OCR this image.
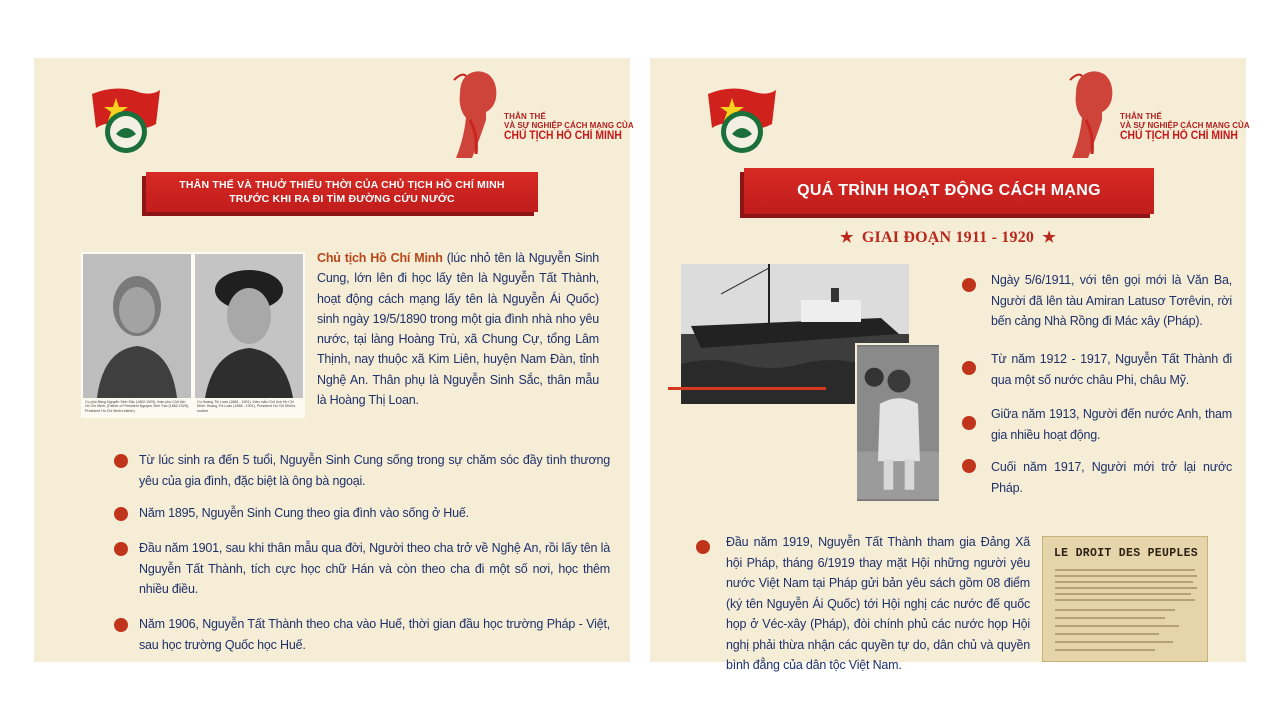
THÂN THẾ
VÀ SỰ NGHIỆP CÁCH MẠNG CỦA
CHỦ TỊCH HỒ CHÍ MINH
THÂN THẾ VÀ THUỞ THIẾU THỜI CỦA CHỦ TỊCH HỒ CHÍ MINH
TRƯỚC KHI RA ĐI TÌM ĐƯỜNG CỨU NƯỚC
Cụ phó Bảng Nguyễn Sinh Sắc (1862-1929), thân phụ Chủ tịch Hồ Chí Minh. (Father of President Nguyen Sinh Sac (1862-1929), President Ho Chi Minh's father)
Cụ Hoàng Thị Loan (1868 - 1901), thân mẫu Chủ tịch Hồ Chí Minh. Hoang Thi Loan (1868 - 1901), President Ho Chi Minh's mother
Chủ tịch Hồ Chí Minh (lúc nhỏ tên là Nguyễn Sinh Cung, lớn lên đi học lấy tên là Nguyễn Tất Thành, hoạt động cách mạng lấy tên là Nguyễn Ái Quốc) sinh ngày 19/5/1890 trong một gia đình nhà nho yêu nước, tại làng Hoàng Trù, xã Chung Cự, tổng Lâm Thịnh, nay thuộc xã Kim Liên, huyện Nam Đàn, tỉnh Nghệ An. Thân phụ là Nguyễn Sinh Sắc, thân mẫu là Hoàng Thị Loan.
Từ lúc sinh ra đến 5 tuổi, Nguyễn Sinh Cung sống trong sự chăm sóc đầy tình thương yêu của gia đình, đặc biệt là ông bà ngoại.
Năm 1895, Nguyễn Sinh Cung theo gia đình vào sống ở Huế.
Đầu năm 1901, sau khi thân mẫu qua đời, Người theo cha trở về Nghệ An, rồi lấy tên là Nguyễn Tất Thành, tích cực học chữ Hán và còn theo cha đi một số nơi, học thêm nhiều điều.
Năm 1906, Nguyễn Tất Thành theo cha vào Huế, thời gian đầu học trường Pháp - Việt, sau học trường Quốc học Huế.
THÂN THẾ
VÀ SỰ NGHIỆP CÁCH MẠNG CỦA
CHỦ TỊCH HỒ CHÍ MINH
QUÁ TRÌNH HOẠT ĐỘNG CÁCH MẠNG
★ GIAI ĐOẠN 1911 - 1920 ★
Ngày 5/6/1911, với tên gọi mới là Văn Ba, Người đã lên tàu Amiran Latusơ Tơrêvin, rời bến cảng Nhà Rồng đi Mác xây (Pháp).
Từ năm 1912 - 1917, Nguyễn Tất Thành đi qua một số nước châu Phi, châu Mỹ.
Giữa năm 1913, Người đến nước Anh, tham gia nhiều hoạt động.
Cuối năm 1917, Người mới trở lại nước Pháp.
Đầu năm 1919, Nguyễn Tất Thành tham gia Đảng Xã hội Pháp, tháng 6/1919 thay mặt Hội những người yêu nước Việt Nam tại Pháp gửi bản yêu sách gồm 08 điểm (ký tên Nguyễn Ái Quốc) tới Hội nghị các nước đế quốc họp ở Véc-xây (Pháp), đòi chính phủ các nước họp Hội nghị phải thừa nhận các quyền tự do, dân chủ và quyền bình đẳng của dân tộc Việt Nam.
LE DROIT DES PEUPLES
